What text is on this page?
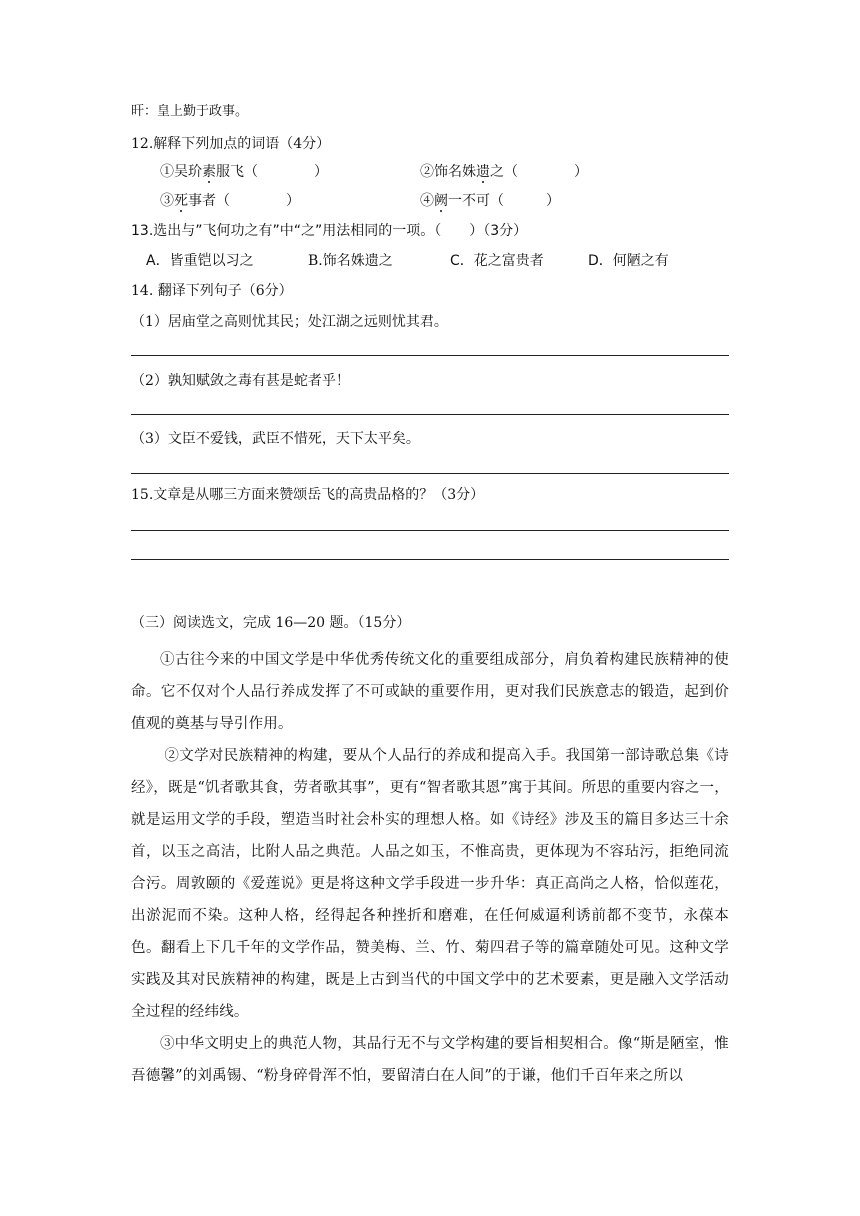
旰：皇上勤于政事。
12.解释下列加点的词语（4分）
①吴玠素服飞（	）	②饰名姝遗之（	）
③死事者（	）	④阙一不可（	）
13.选出与”飞何功之有”中“之”用法相同的一项。（　　）（3分）
A．皆重铠以习之	B.饰名姝遗之	C．花之富贵者	D．何陋之有
14. 翻译下列句子（6分）
（1）居庙堂之高则忧其民；处江湖之远则忧其君。
（2）孰知赋敛之毒有甚是蛇者乎！
（3）文臣不爱钱，武臣不惜死，天下太平矣。
15.文章是从哪三方面来赞颂岳飞的高贵品格的？（3分）
（三）阅读选文，完成 16—20 题。（15分）

①古往今来的中国文学是中华优秀传统文化的重要组成部分，肩负着构建民族精神的使命。它不仅对个人品行养成发挥了不可或缺的重要作用，更对我们民族意志的锻造，起到价值观的奠基与导引作用。

②文学对民族精神的构建，要从个人品行的养成和提高入手。我国第一部诗歌总集《诗经》，既是“饥者歌其食，劳者歌其事”，更有“智者歌其恩”寓于其间。所思的重要内容之一，就是运用文学的手段，塑造当时社会朴实的理想人格。如《诗经》涉及玉的篇目多达三十余首，以玉之高洁，比附人品之典范。人品之如玉，不惟高贵，更体现为不容玷污，拒绝同流合污。周敦颐的《爱莲说》更是将这种文学手段进一步升华：真正高尚之人格，恰似莲花，出淤泥而不染。这种人格，经得起各种挫折和磨难，在任何威逼利诱前都不变节，永葆本色。翻看上下几千年的文学作品，赞美梅、兰、竹、菊四君子等的篇章随处可见。这种文学实践及其对民族精神的构建，既是上古到当代的中国文学中的艺术要素，更是融入文学活动全过程的经纬线。

③中华文明史上的典范人物，其品行无不与文学构建的要旨相契相合。像“斯是陋室，惟吾德馨”的刘禹锡、“粉身碎骨浑不怕，要留清白在人间”的于谦，他们千百年来之所以
